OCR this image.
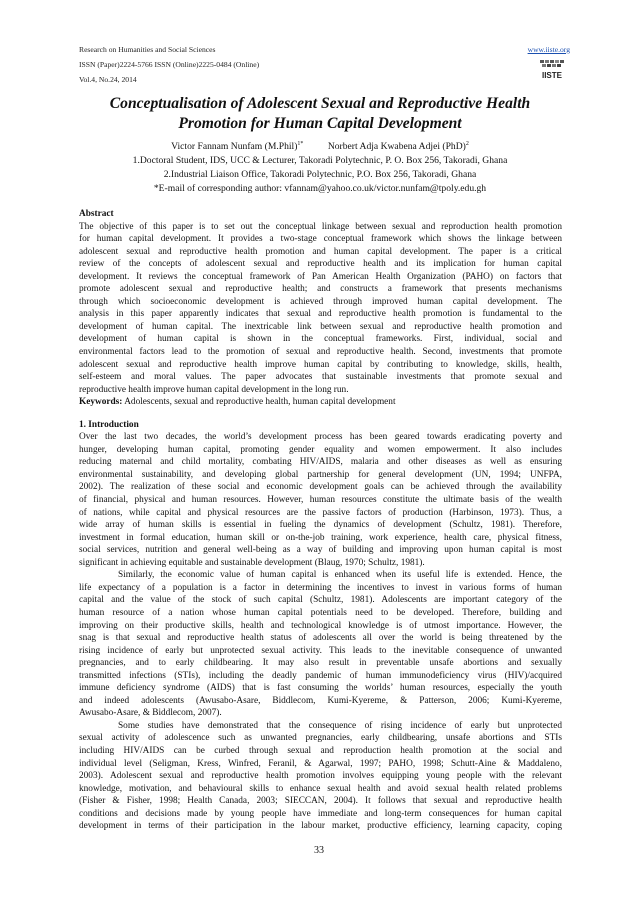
Research on Humanities and Social Sciences
ISSN (Paper)2224-5766 ISSN (Online)2225-0484 (Online)
Vol.4, No.24, 2014
www.iiste.org
IISTE
Conceptualisation of Adolescent Sexual and Reproductive Health
Promotion for Human Capital Development
Victor Fannam Nunfam (M.Phil)$^{1*}$	Norbert Adja Kwabena Adjei (PhD)$^2$
1.Doctoral Student, IDS, UCC & Lecturer, Takoradi Polytechnic, P. O. Box 256, Takoradi, Ghana
2.Industrial Liaison Office, Takoradi Polytechnic, P.O. Box 256, Takoradi, Ghana
*E-mail of corresponding author: vfannam@yahoo.co.uk/victor.nunfam@tpoly.edu.gh
Abstract
The objective of this paper is to set out the conceptual linkage between sexual and reproduction health promotion
for human capital development. It provides a two-stage conceptual framework which shows the linkage between
adolescent sexual and reproductive health promotion and human capital development. The paper is a critical
review of the concepts of adolescent sexual and reproductive health and its implication for human capital
development. It reviews the conceptual framework of Pan American Health Organization (PAHO) on factors that
promote adolescent sexual and reproductive health; and constructs a framework that presents mechanisms
through which socioeconomic development is achieved through improved human capital development. The
analysis in this paper apparently indicates that sexual and reproductive health promotion is fundamental to the
development of human capital. The inextricable link between sexual and reproductive health promotion and
development of human capital is shown in the conceptual frameworks. First, individual, social and
environmental factors lead to the promotion of sexual and reproductive health. Second, investments that promote
adolescent sexual and reproductive health improve human capital by contributing to knowledge, skills, health,
self-esteem and moral values. The paper advocates that sustainable investments that promote sexual and
reproductive health improve human capital development in the long run.
Keywords: Adolescents, sexual and reproductive health, human capital development
1. Introduction
Over the last two decades, the world’s development process has been geared towards eradicating poverty and
hunger, developing human capital, promoting gender equality and women empowerment. It also includes
reducing maternal and child mortality, combating HIV/AIDS, malaria and other diseases as well as ensuring
environmental sustainability, and developing global partnership for general development (UN, 1994; UNFPA,
2002). The realization of these social and economic development goals can be achieved through the availability
of financial, physical and human resources. However, human resources constitute the ultimate basis of the wealth
of nations, while capital and physical resources are the passive factors of production (Harbinson, 1973). Thus, a
wide array of human skills is essential in fueling the dynamics of development (Schultz, 1981). Therefore,
investment in formal education, human skill or on-the-job training, work experience, health care, physical fitness,
social services, nutrition and general well-being as a way of building and improving upon human capital is most
significant in achieving equitable and sustainable development (Blaug, 1970; Schultz, 1981).
Similarly, the economic value of human capital is enhanced when its useful life is extended. Hence, the
life expectancy of a population is a factor in determining the incentives to invest in various forms of human
capital and the value of the stock of such capital (Schultz, 1981). Adolescents are important category of the
human resource of a nation whose human capital potentials need to be developed. Therefore, building and
improving on their productive skills, health and technological knowledge is of utmost importance. However, the
snag is that sexual and reproductive health status of adolescents all over the world is being threatened by the
rising incidence of early but unprotected sexual activity. This leads to the inevitable consequence of unwanted
pregnancies, and to early childbearing. It may also result in preventable unsafe abortions and sexually
transmitted infections (STIs), including the deadly pandemic of human immunodeficiency virus (HIV)/acquired
immune deficiency syndrome (AIDS) that is fast consuming the worlds’ human resources, especially the youth
and indeed adolescents (Awusabo-Asare, Biddlecom, Kumi-Kyereme, & Patterson, 2006; Kumi-Kyereme,
Awusabo-Asare, & Biddlecom, 2007).
Some studies have demonstrated that the consequence of rising incidence of early but unprotected
sexual activity of adolescence such as unwanted pregnancies, early childbearing, unsafe abortions and STIs
including HIV/AIDS can be curbed through sexual and reproduction health promotion at the social and
individual level (Seligman, Kress, Winfred, Feranil, & Agarwal, 1997; PAHO, 1998; Schutt-Aine & Maddaleno,
2003). Adolescent sexual and reproductive health promotion involves equipping young people with the relevant
knowledge, motivation, and behavioural skills to enhance sexual health and avoid sexual health related problems
(Fisher & Fisher, 1998; Health Canada, 2003; SIECCAN, 2004). It follows that sexual and reproductive health
conditions and decisions made by young people have immediate and long-term consequences for human capital
development in terms of their participation in the labour market, productive efficiency, learning capacity, coping
33
